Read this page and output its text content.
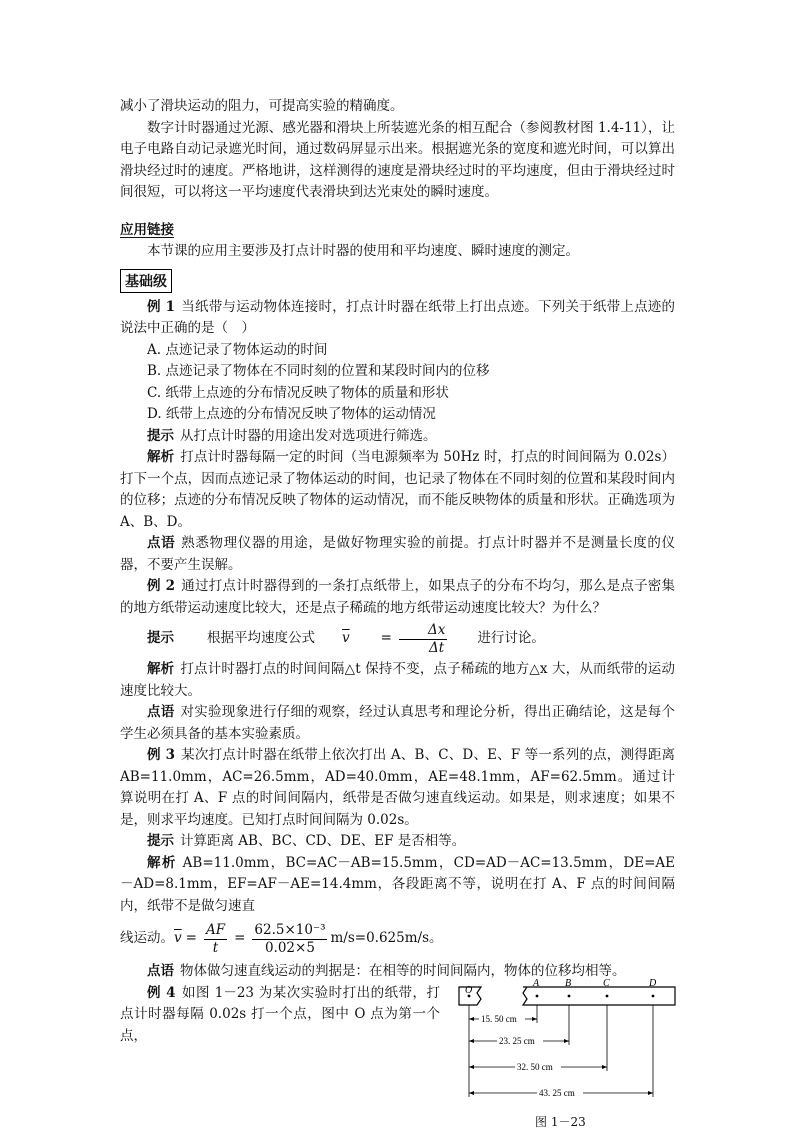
减小了滑块运动的阻力，可提高实验的精确度。

数字计时器通过光源、感光器和滑块上所装遮光条的相互配合（参阅教材图 1.4-11），让电子电路自动记录遮光时间，通过数码屏显示出来。根据遮光条的宽度和遮光时间，可以算出滑块经过时的速度。严格地讲，这样测得的速度是滑块经过时的平均速度，但由于滑块经过时间很短，可以将这一平均速度代表滑块到达光束处的瞬时速度。

应用链接

本节课的应用主要涉及打点计时器的使用和平均速度、瞬时速度的测定。

基础级

例 1 当纸带与运动物体连接时，打点计时器在纸带上打出点迹。下列关于纸带上点迹的说法中正确的是（　）

A. 点迹记录了物体运动的时间

B. 点迹记录了物体在不同时刻的位置和某段时间内的位移

C. 纸带上点迹的分布情况反映了物体的质量和形状

D. 纸带上点迹的分布情况反映了物体的运动情况

提示 从打点计时器的用途出发对选项进行筛选。

解析 打点计时器每隔一定的时间（当电源频率为 50Hz 时，打点的时间间隔为 0.02s）打下一个点，因而点迹记录了物体运动的时间，也记录了物体在不同时刻的位置和某段时间内的位移；点迹的分布情况反映了物体的运动情况，而不能反映物体的质量和形状。正确选项为 A、B、D。

点语 熟悉物理仪器的用途，是做好物理实验的前提。打点计时器并不是测量长度的仪器，不要产生误解。

例 2 通过打点计时器得到的一条打点纸带上，如果点子的分布不均匀，那么是点子密集的地方纸带运动速度比较大，还是点子稀疏的地方纸带运动速度比较大？为什么？

提示	根据平均速度公式	$\overline{v}$	= $\frac{\Delta x}{\Delta t}$	进行讨论。

解析 打点计时器打点的时间间隔△t 保持不变，点子稀疏的地方△x 大，从而纸带的运动速度比较大。

点语 对实验现象进行仔细的观察，经过认真思考和理论分析，得出正确结论，这是每个学生必须具备的基本实验素质。

例 3 某次打点计时器在纸带上依次打出 A、B、C、D、E、F 等一系列的点，测得距离 AB=11.0mm，AC=26.5mm，AD=40.0mm，AE=48.1mm，AF=62.5mm。通过计算说明在打 A、F 点的时间间隔内，纸带是否做匀速直线运动。如果是，则求速度；如果不是，则求平均速度。已知打点时间间隔为 0.02s。

提示 计算距离 AB、BC、CD、DE、EF 是否相等。

解析 AB=11.0mm，BC=AC－AB=15.5mm，CD=AD－AC=13.5mm，DE=AE－AD=8.1mm，EF=AF－AE=14.4mm，各段距离不等，说明在打 A、F 点的时间间隔内，纸带不是做匀速直

线运动。 $\overline{v} = \frac{AF}{t} = \frac{\text{62.5×10⁻³}}{0.02\times 5} m/s=0.625m/s$。

点语 物体做匀速直线运动的判据是：在相等的时间间隔内，物体的位移均相等。

例 4 如图 1－23 为某次实验时打出的纸带，打点计时器每隔 0.02s 打一个点，图中 O 点为第一个点，

O
A	B	C	D
15. 50 cm
23. 25 cm
32. 50 cm
43. 25 cm
图 1－23
